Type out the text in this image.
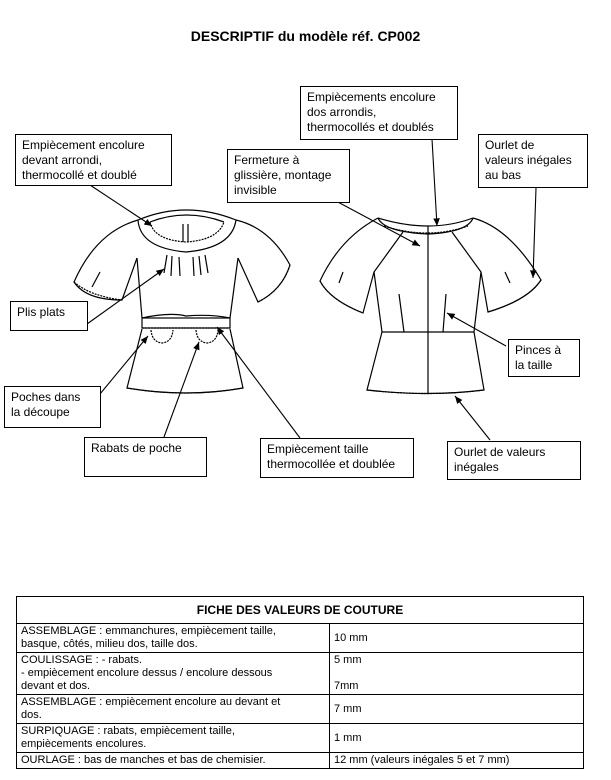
DESCRIPTIF du modèle réf. CP002
Empiècement encolure
devant arrondi,
thermocollé et doublé
Fermeture à
glissière, montage
invisible
Empiècements encolure
dos arrondis,
thermocollés et doublés
Ourlet de
valeurs inégales
au bas
Plis plats
Poches dans
la découpe
Rabats de poche	Empiècement taille
thermocollée et doublée
Pinces à
la taille
Ourlet de valeurs
inégales
FICHE DES VALEURS DE COUTURE	

ASSEMBLAGE : emmanchures, empiècement taille,
basque, côtés, milieu dos, taille dos.	10 mm

COULISSAGE : - rabats.
- empiècement encolure dessus / encolure dessous
devant et dos.	5 mm

7mm

ASSEMBLAGE : empiècement encolure au devant et
dos.	7 mm

SURPIQUAGE : rabats, empiècement taille,
empiècements encolures.	1 mm

OURLAGE : bas de manches et bas de chemisier.	12 mm (valeurs inégales 5 et 7 mm)
